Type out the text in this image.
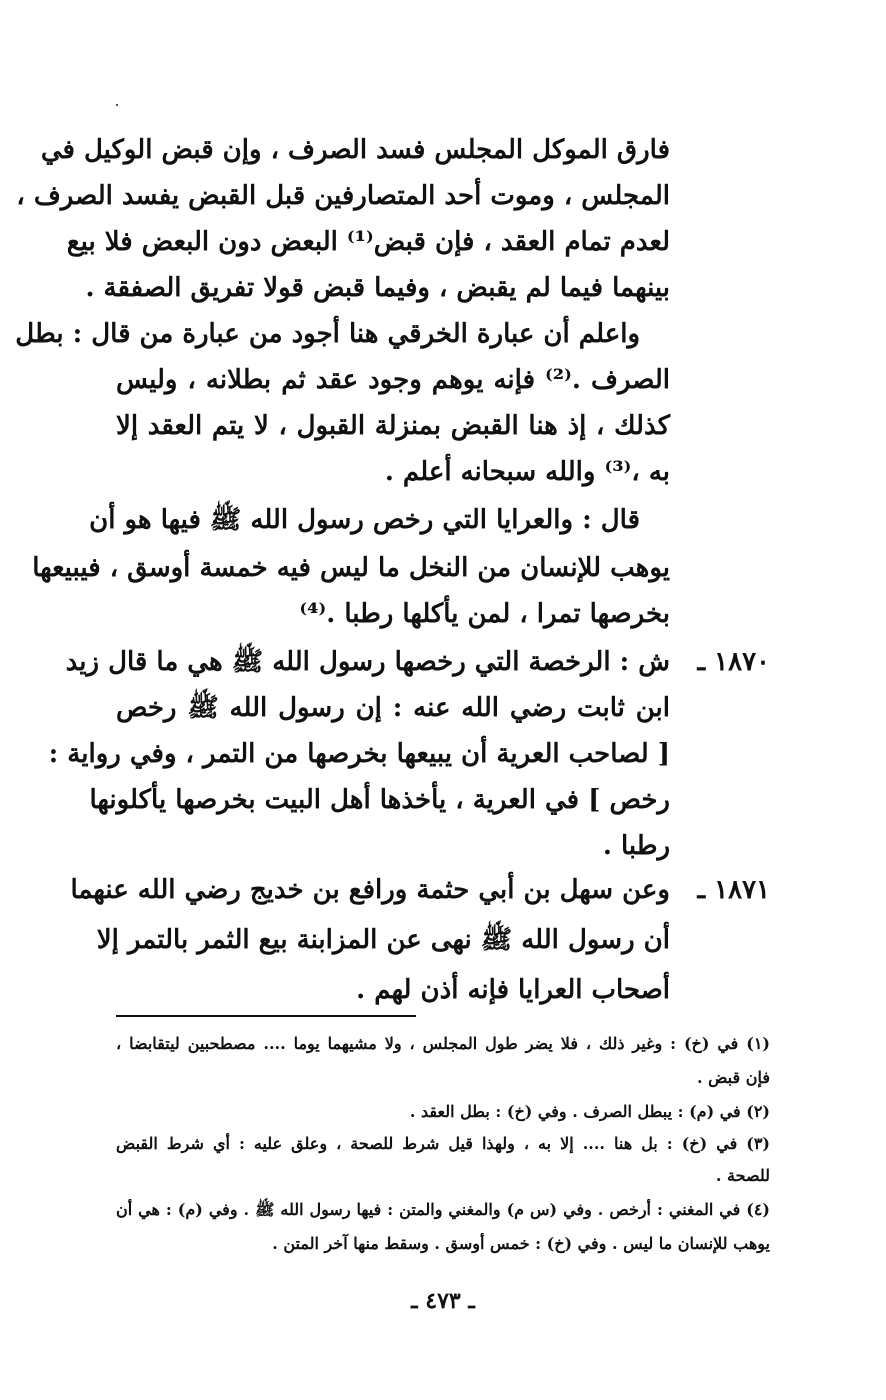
فارق الموكل المجلس فسد الصرف ، وإن قبض الوكيل في
المجلس ، وموت أحد المتصارفين قبل القبض يفسد الصرف ،
لعدم تمام العقد ، فإن قبض⁽¹⁾ البعض دون البعض فلا بيع
بينهما فيما لم يقبض ، وفيما قبض قولا تفريق الصفقة .
واعلم أن عبارة الخرقي هنا أجود من عبارة من قال : بطل
الصرف .⁽²⁾ فإنه يوهم وجود عقد ثم بطلانه ، وليس
كذلك ، إذ هنا القبض بمنزلة القبول ، لا يتم العقد إلا
به ،⁽³⁾ والله سبحانه أعلم .
قال : والعرايا التي رخص رسول الله ﷺ فيها هو أن
يوهب للإنسان من النخل ما ليس فيه خمسة أوسق ، فيبيعها
بخرصها تمرا ، لمن يأكلها رطبا .⁽⁴⁾
١٨٧٠ ـ
ش : الرخصة التي رخصها رسول الله ﷺ هي ما قال زيد
ابن ثابت رضي الله عنه : إن رسول الله ﷺ رخص
[ لصاحب العرية أن يبيعها بخرصها من التمر ، وفي رواية :
رخص ] في العرية ، يأخذها أهل البيت بخرصها يأكلونها
رطبا .
١٨٧١ ـ
وعن سهل بن أبي حثمة ورافع بن خديج رضي الله عنهما
أن رسول الله ﷺ نهى عن المزابنة بيع الثمر بالتمر إلا
أصحاب العرايا فإنه أذن لهم .
(١) في (خ) : وغير ذلك ، فلا يضر طول المجلس ، ولا مشيهما يوما .... مصطحبين ليتقابضا ،
فإن قبض .
(٢) في (م) : يبطل الصرف . وفي (خ) : بطل العقد .
(٣) في (خ) : بل هنا .... إلا به ، ولهذا قيل شرط للصحة ، وعلق عليه : أي شرط القبض
للصحة .
(٤) في المغني : أرخص . وفي (س م) والمغني والمتن : فيها رسول الله ﷺ . وفي (م) : هي أن
يوهب للإنسان ما ليس . وفي (خ) : خمس أوسق . وسقط منها آخر المتن .
ـ ٤٧٣ ـ
